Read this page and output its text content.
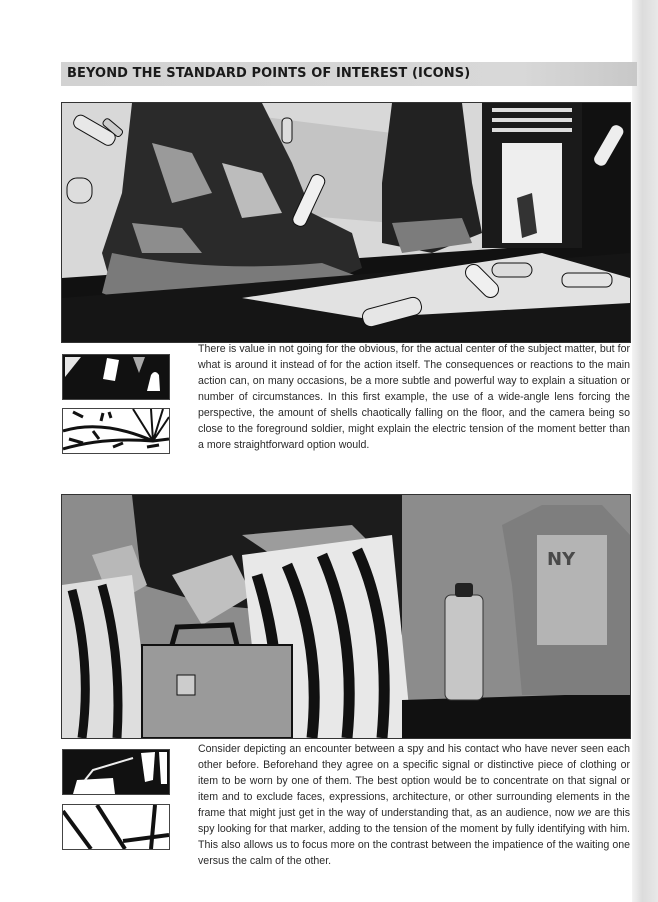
BEYOND THE STANDARD POINTS OF INTEREST (ICONS)

There is value in not going for the obvious, for the actual center of the subject matter, but for what is around it instead of for the action itself. The consequences or reactions to the main action can, on many occasions, be a more subtle and powerful way to explain a situation or number of circumstances. In this first example, the use of a wide-angle lens forcing the perspective, the amount of shells chaotically falling on the floor, and the camera being so close to the foreground soldier, might explain the electric tension of the moment better than a more straightforward option would.

NY

Consider depicting an encounter between a spy and his contact who have never seen each other before. Beforehand they agree on a specific signal or distinctive piece of clothing or item to be worn by one of them. The best option would be to concentrate on that signal or item and to exclude faces, expressions, architecture, or other surrounding elements in the frame that might just get in the way of understanding that, as an audience, now we are this spy looking for that marker, adding to the tension of the moment by fully identifying with him. This also allows us to focus more on the contrast between the impatience of the waiting one versus the calm of the other.
